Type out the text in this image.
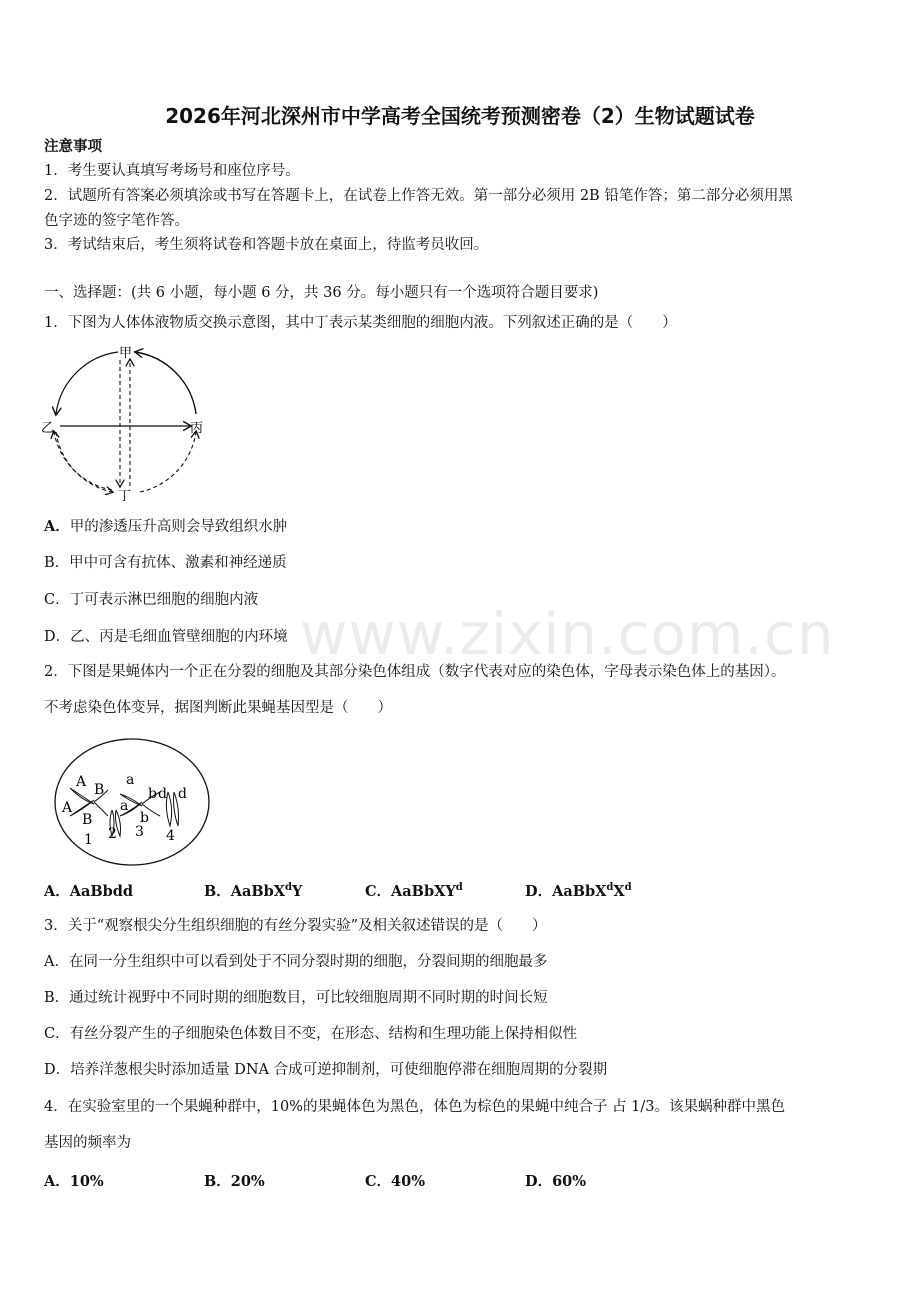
2026年河北深州市中学高考全国统考预测密卷（2）生物试题试卷
注意事项
1．考生要认真填写考场号和座位序号。
2．试题所有答案必须填涂或书写在答题卡上，在试卷上作答无效。第一部分必须用 2B 铅笔作答；第二部分必须用黑
色字迹的签字笔作答。
3．考试结束后，考生须将试卷和答题卡放在桌面上，待监考员收回。
一、选择题：(共 6 小题，每小题 6 分，共 36 分。每小题只有一个选项符合题目要求)
1．下图为人体体液物质交换示意图，其中丁表示某类细胞的细胞内液。下列叙述正确的是（　　）
甲
乙	丙
丁
A．甲的渗透压升高则会导致组织水肿
B．甲中可含有抗体、激素和神经递质
C．丁可表示淋巴细胞的细胞内液
D．乙、丙是毛细血管壁细胞的内环境 www.zixin.com.cn
2．下图是果蝇体内一个正在分裂的细胞及其部分染色体组成（数字代表对应的染色体，字母表示染色体上的基因）。
不考虑染色体变异，据图判断此果蝇基因型是（　　）
A B
A
B
a
a
b
b
d d
1 2 3 4
A．AaBbdd	B．AaBbX$^d$Y	C．AaBbXY$^d$	D．$AaBbX^dX^d$
3．关于“观察根尖分生组织细胞的有丝分裂实验”及相关叙述错误的是（　　）
A．在同一分生组织中可以看到处于不同分裂时期的细胞，分裂间期的细胞最多
B．通过统计视野中不同时期的细胞数目，可比较细胞周期不同时期的时间长短
C．有丝分裂产生的子细胞染色体数目不变，在形态、结构和生理功能上保持相似性
D．培养洋葱根尖时添加适量 DNA 合成可逆抑制剂，可使细胞停滞在细胞周期的分裂期
4．在实验室里的一个果蝇种群中，10%的果蝇体色为黑色，体色为棕色的果蝇中纯合子 占 1/3。该果蜗种群中黑色
基因的频率为
A．10%	B．20%	C．40%	D．60%
